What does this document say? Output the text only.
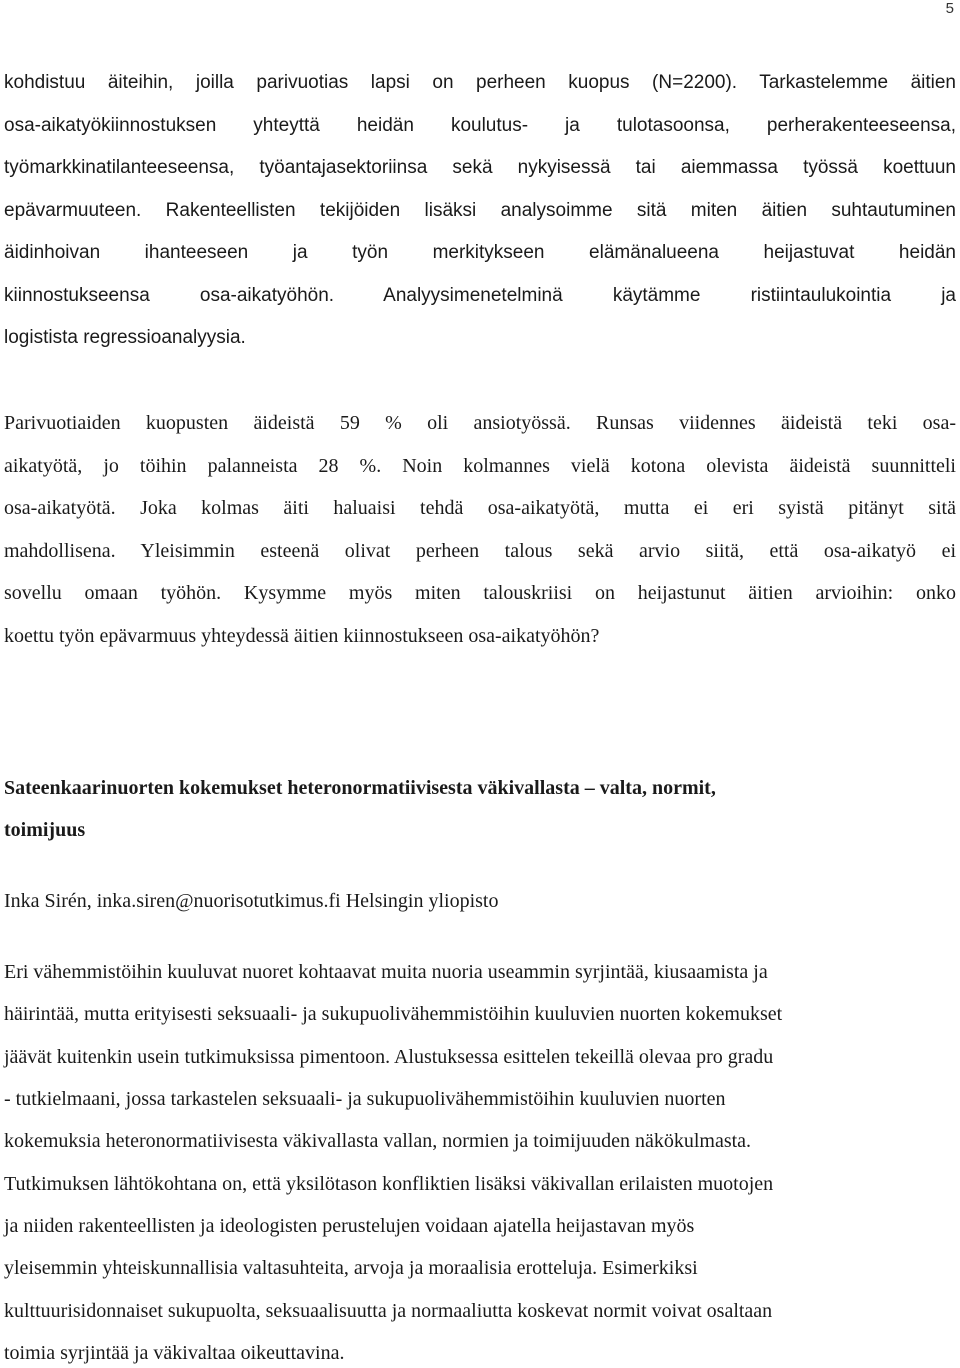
5

kohdistuu äiteihin, joilla parivuotias lapsi on perheen kuopus (N=2200). Tarkastelemme äitien

osa-aikatyökiinnostuksen yhteyttä heidän koulutus- ja tulotasoonsa, perherakenteeseensa,

työmarkkinatilanteeseensa, työantajasektoriinsa sekä nykyisessä tai aiemmassa työssä koettuun

epävarmuuteen. Rakenteellisten tekijöiden lisäksi analysoimme sitä miten äitien suhtautuminen

äidinhoivan ihanteeseen ja työn merkitykseen elämänalueena heijastuvat heidän

kiinnostukseensa osa-aikatyöhön. Analyysimenetelminä käytämme ristiintaulukointia ja

logistista regressioanalyysia.

Parivuotiaiden kuopusten äideistä 59 % oli ansiotyössä. Runsas viidennes äideistä teki osa-

aikatyötä, jo töihin palanneista 28 %. Noin kolmannes vielä kotona olevista äideistä suunnitteli

osa-aikatyötä. Joka kolmas äiti haluaisi tehdä osa-aikatyötä, mutta ei eri syistä pitänyt sitä

mahdollisena. Yleisimmin esteenä olivat perheen talous sekä arvio siitä, että osa-aikatyö ei

sovellu omaan työhön. Kysymme myös miten talouskriisi on heijastunut äitien arvioihin: onko

koettu työn epävarmuus yhteydessä äitien kiinnostukseen osa-aikatyöhön?

Sateenkaarinuorten kokemukset heteronormatiivisesta väkivallasta – valta, normit,

toimijuus

Inka Sirén, inka.siren@nuorisotutkimus.fi Helsingin yliopisto

Eri vähemmistöihin kuuluvat nuoret kohtaavat muita nuoria useammin syrjintää, kiusaamista ja

häirintää, mutta erityisesti seksuaali- ja sukupuolivähemmistöihin kuuluvien nuorten kokemukset

jäävät kuitenkin usein tutkimuksissa pimentoon. Alustuksessa esittelen tekeillä olevaa pro gradu

- tutkielmaani, jossa tarkastelen seksuaali- ja sukupuolivähemmistöihin kuuluvien nuorten

kokemuksia heteronormatiivisesta väkivallasta vallan, normien ja toimijuuden näkökulmasta.

Tutkimuksen lähtökohtana on, että yksilötason konfliktien lisäksi väkivallan erilaisten muotojen

ja niiden rakenteellisten ja ideologisten perustelujen voidaan ajatella heijastavan myös

yleisemmin yhteiskunnallisia valtasuhteita, arvoja ja moraalisia erotteluja. Esimerkiksi

kulttuurisidonnaiset sukupuolta, seksuaalisuutta ja normaaliutta koskevat normit voivat osaltaan

toimia syrjintää ja väkivaltaa oikeuttavina.
